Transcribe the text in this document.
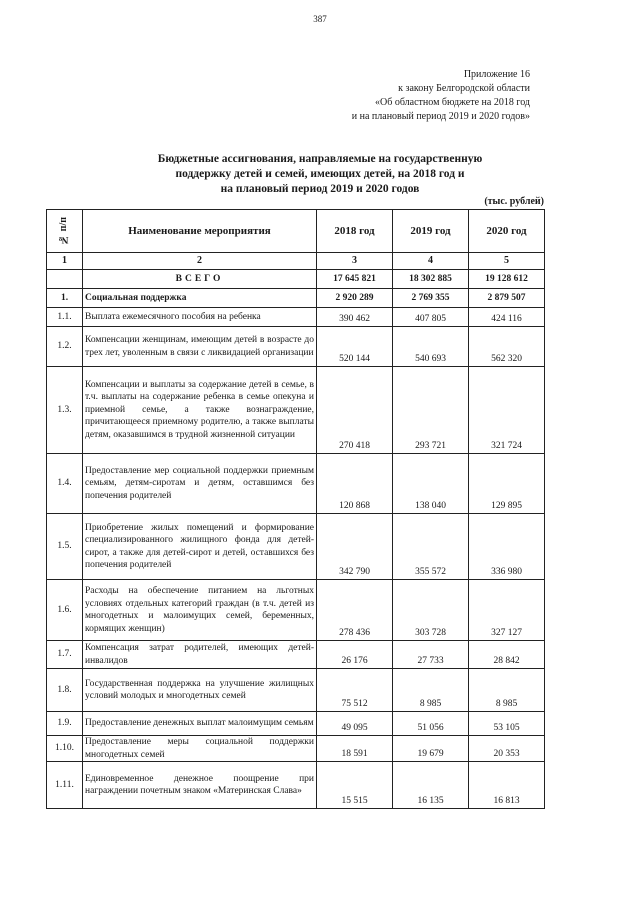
387
Приложение 16
к закону Белгородской области
«Об областном бюджете на 2018 год
и на плановый период 2019 и 2020 годов»
Бюджетные ассигнования, направляемые на государственную
поддержку детей и семей, имеющих детей, на 2018 год и
на плановый период 2019 и 2020 годов
(тыс. рублей)
№ п/п	Наименование мероприятия	2018 год	2019 год	2020 год
1	2	3	4	5
	ВСЕГО	17 645 821	18 302 885	19 128 612
1.	Социальная поддержка	2 920 289	2 769 355	2 879 507
1.1.	Выплата ежемесячного пособия на ребенка	390 462	407 805	424 116
1.2.	Компенсации женщинам, имеющим детей в возрасте до трех лет, уволенным в связи с ликвидацией организации	520 144	540 693	562 320
1.3.	Компенсации и выплаты за содержание детей в семье, в т.ч. выплаты на содержание ребенка в семье опекуна и приемной семье, а также вознаграждение, причитающееся приемному родителю, а также выплаты детям, оказавшимся в трудной жизненной ситуации	270 418	293 721	321 724
1.4.	Предоставление мер социальной поддержки приемным семьям, детям-сиротам и детям, оставшимся без попечения родителей	120 868	138 040	129 895
1.5.	Приобретение жилых помещений и формирование специализированного жилищного фонда для детей-сирот, а также для детей-сирот и детей, оставшихся без попечения родителей	342 790	355 572	336 980
1.6.	Расходы на обеспечение питанием на льготных условиях отдельных категорий граждан (в т.ч. детей из многодетных и малоимущих семей, беременных, кормящих женщин)	278 436	303 728	327 127
1.7.	Компенсация затрат родителей, имеющих детей-инвалидов	26 176	27 733	28 842
1.8.	Государственная поддержка на улучшение жилищных условий молодых и многодетных семей	75 512	8 985	8 985
1.9.	Предоставление денежных выплат малоимущим семьям	49 095	51 056	53 105
1.10.	Предоставление меры социальной поддержки многодетных семей	18 591	19 679	20 353
1.11.	Единовременное денежное поощрение при награждении почетным знаком «Материнская Слава»	15 515	16 135	16 813
